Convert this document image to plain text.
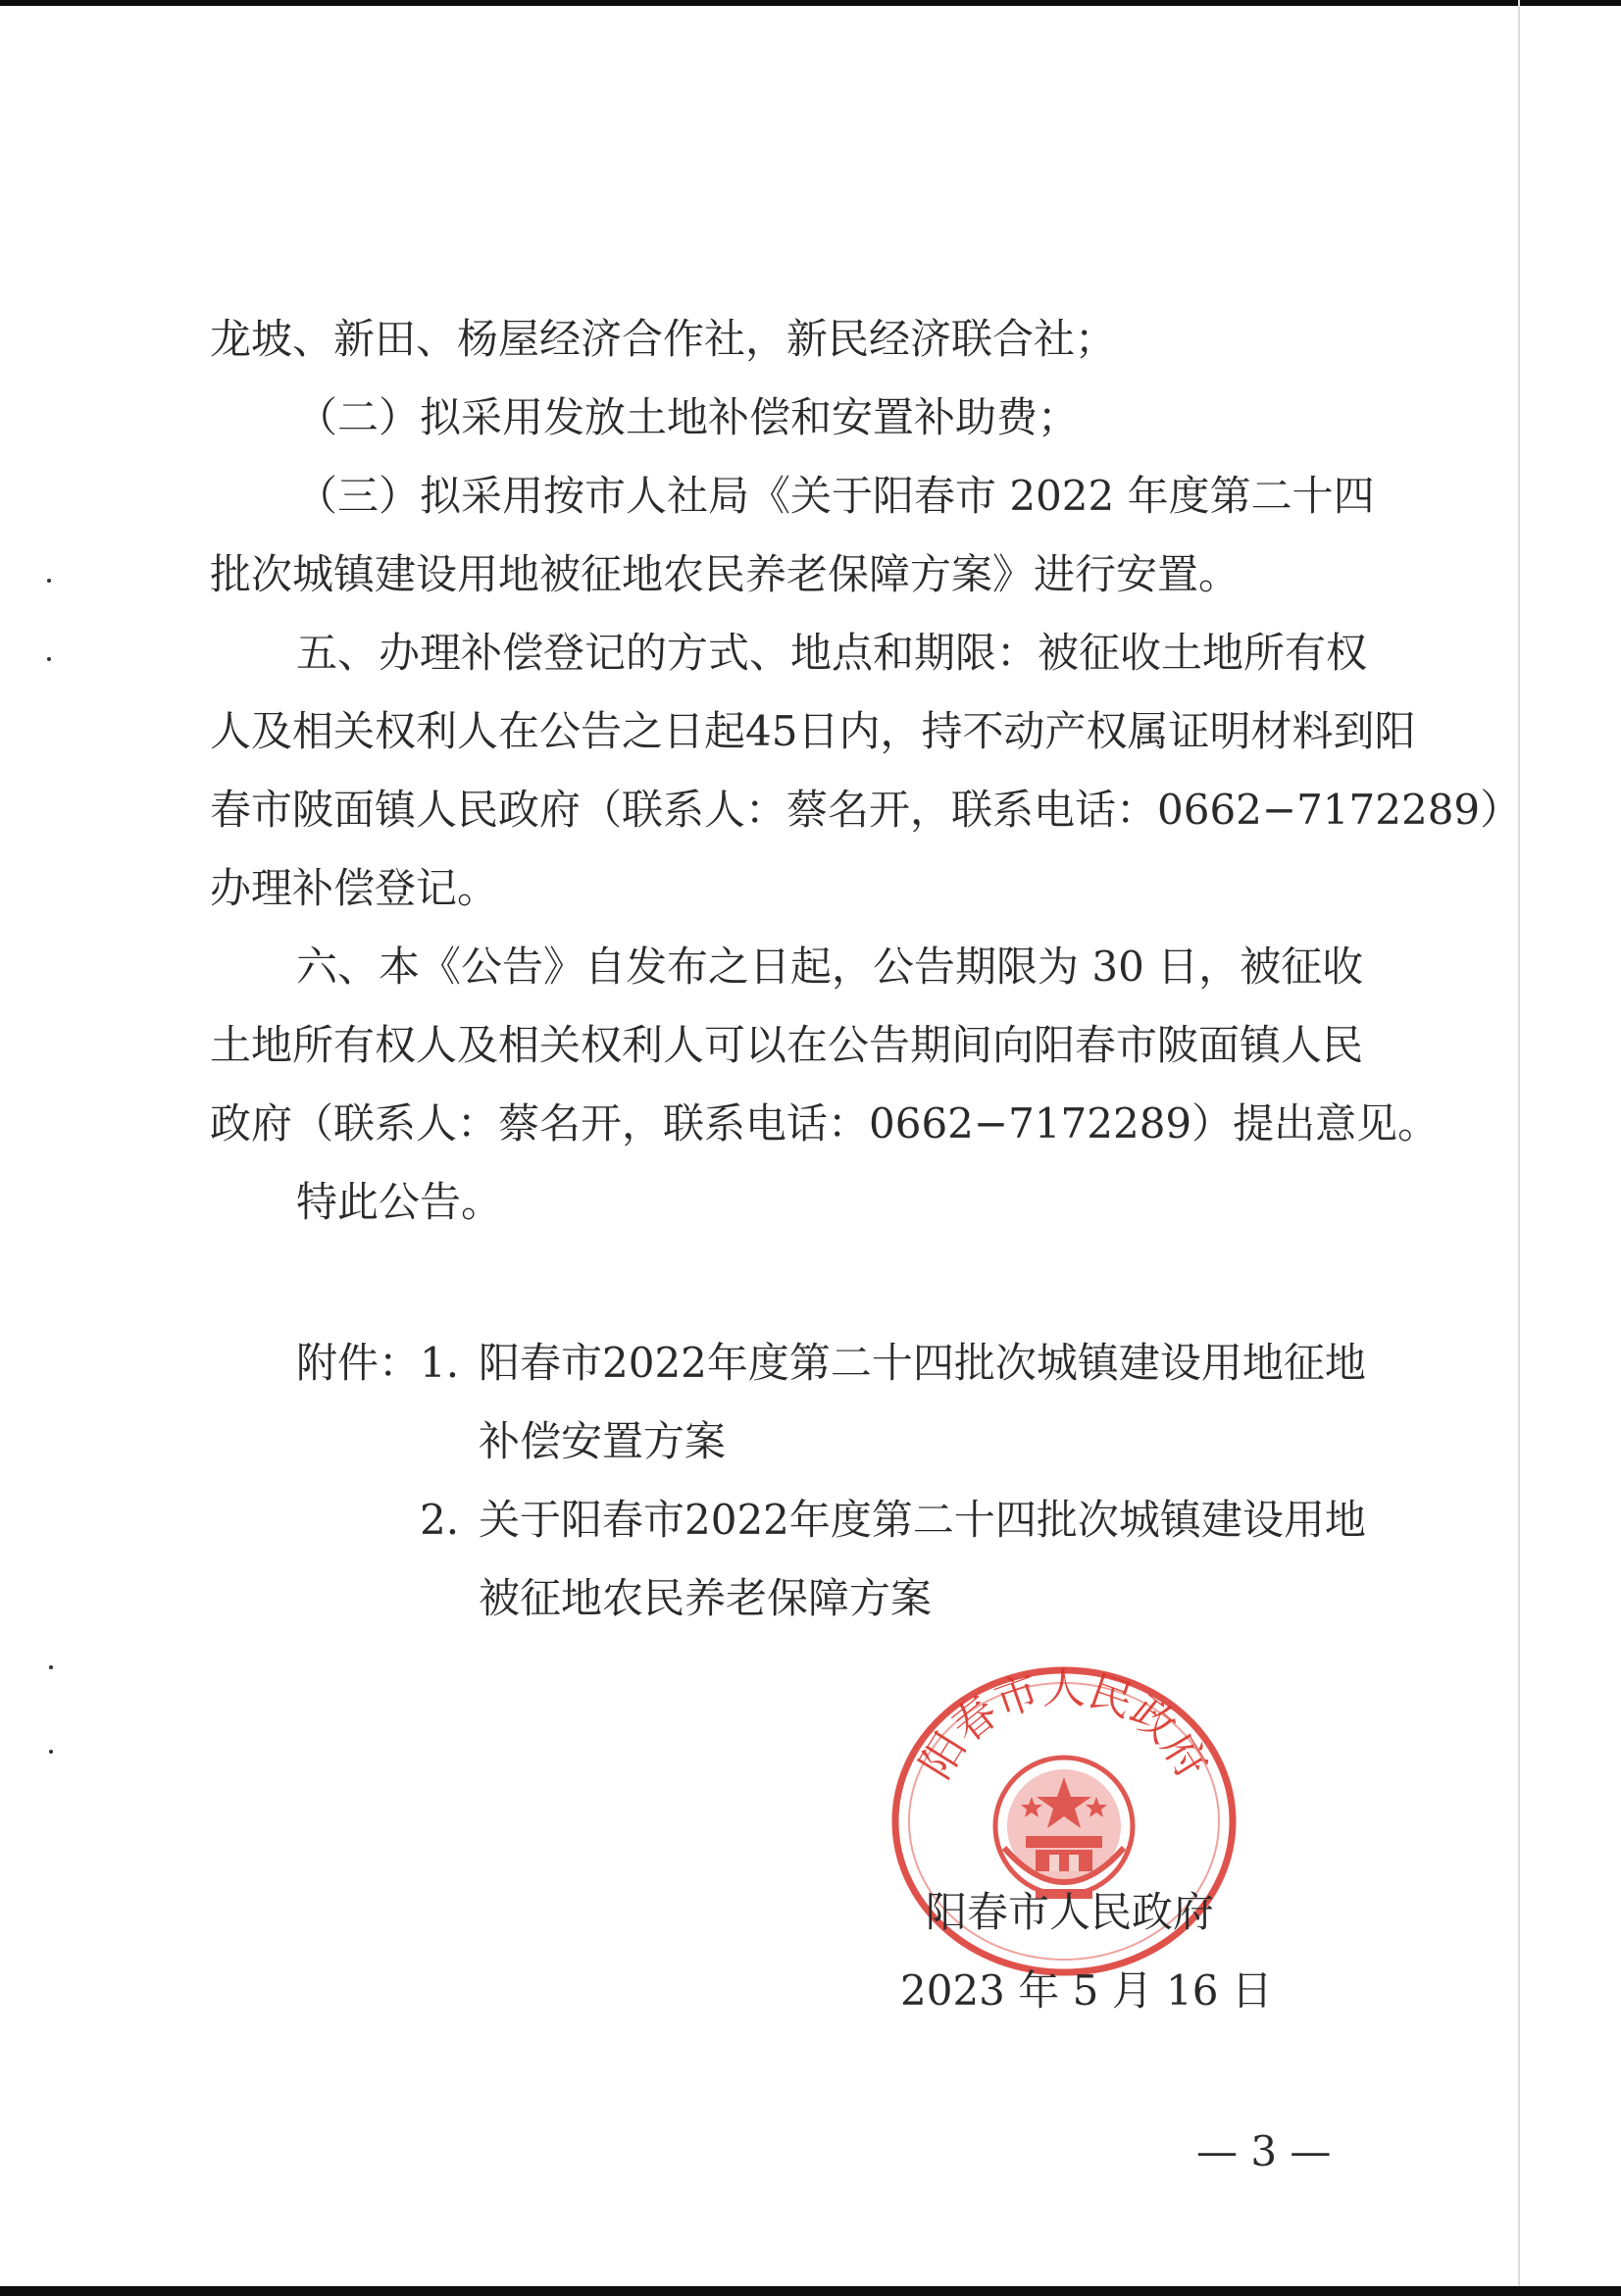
龙坡、新田、杨屋经济合作社，新民经济联合社；
（二）拟采用发放土地补偿和安置补助费；
（三）拟采用按市人社局《关于阳春市 2022 年度第二十四
批次城镇建设用地被征地农民养老保障方案》进行安置。
五、办理补偿登记的方式、地点和期限：被征收土地所有权
人及相关权利人在公告之日起45日内，持不动产权属证明材料到阳
春市陂面镇人民政府（联系人：蔡名开，联系电话：0662−7172289）
办理补偿登记。
六、本《公告》自发布之日起，公告期限为 30 日，被征收
土地所有权人及相关权利人可以在公告期间向阳春市陂面镇人民
政府（联系人：蔡名开，联系电话：0662−7172289）提出意见。
特此公告。
附件： 1. 阳春市2022年度第二十四批次城镇建设用地征地
补偿安置方案
2. 关于阳春市2022年度第二十四批次城镇建设用地
被征地农民养老保障方案
阳春市人民政府
阳春市人民政府
2023 年 5 月 16 日
— 3 —
